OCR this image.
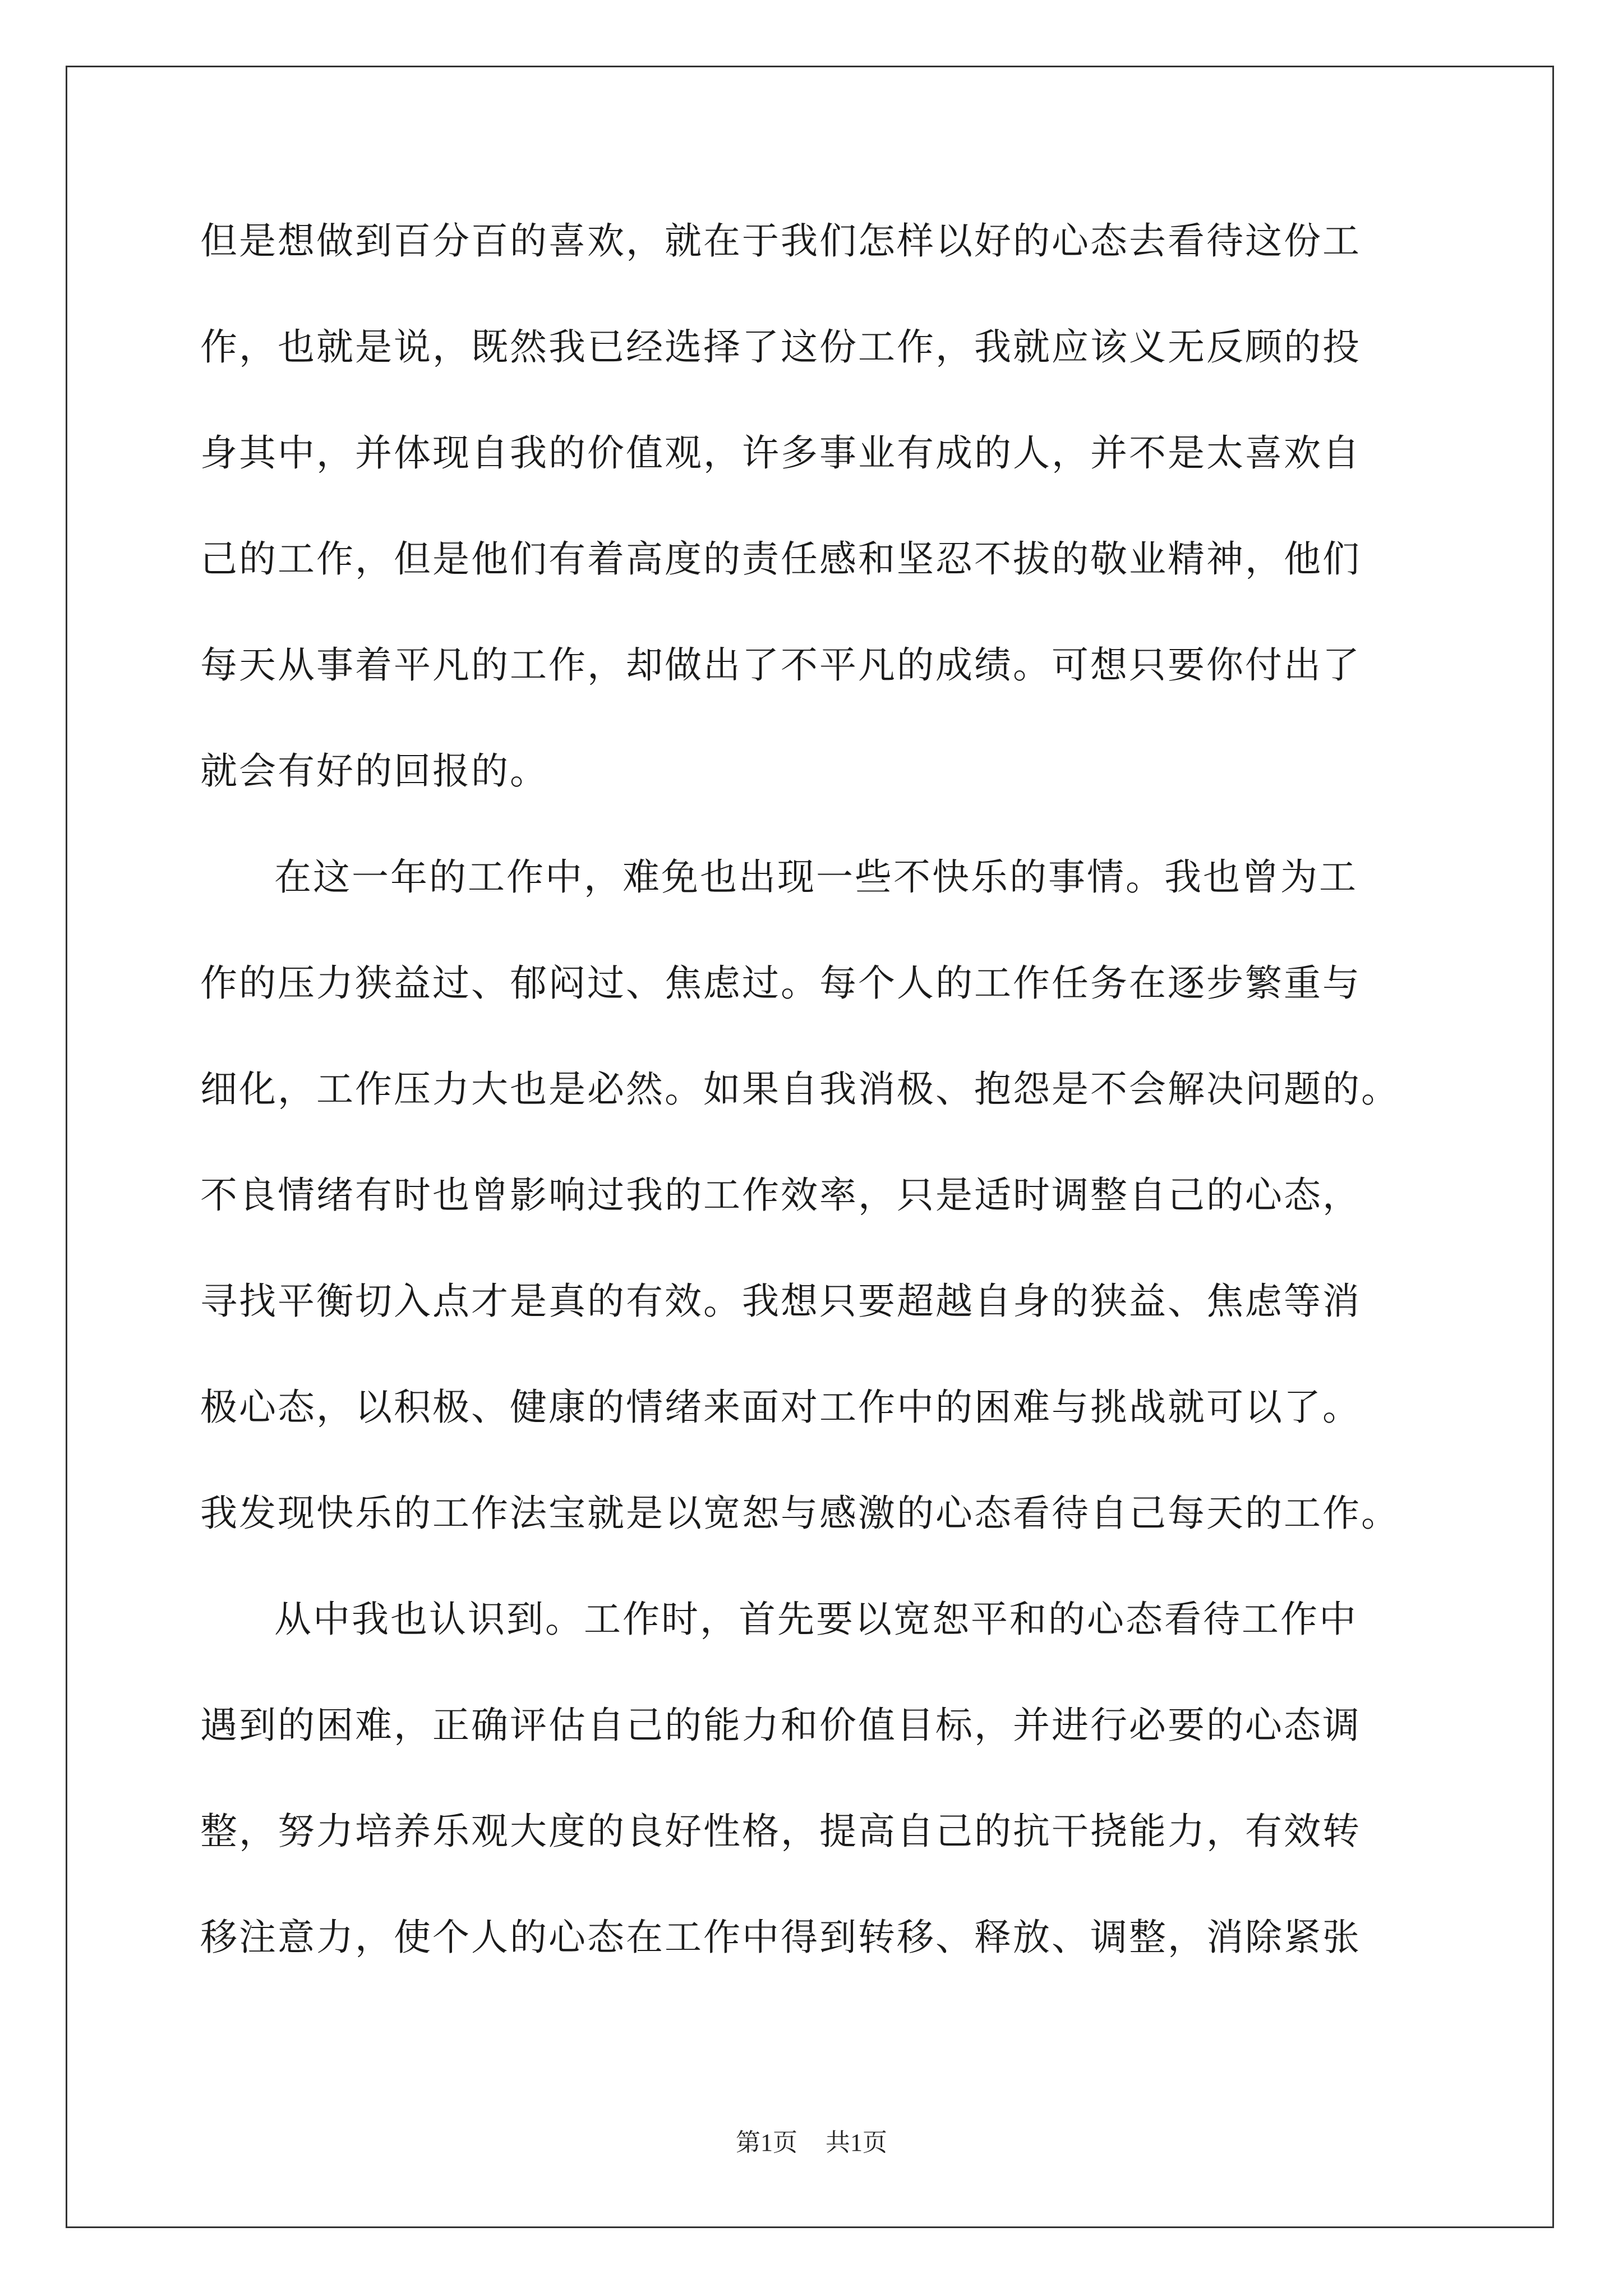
但是想做到百分百的喜欢，就在于我们怎样以好的心态去看待这份工
作，也就是说，既然我已经选择了这份工作，我就应该义无反顾的投
身其中，并体现自我的价值观，许多事业有成的人，并不是太喜欢自
己的工作，但是他们有着高度的责任感和坚忍不拔的敬业精神，他们
每天从事着平凡的工作，却做出了不平凡的成绩。可想只要你付出了
就会有好的回报的。
在这一年的工作中，难免也出现一些不快乐的事情。我也曾为工
作的压力狭益过、郁闷过、焦虑过。每个人的工作任务在逐步繁重与
细化，工作压力大也是必然。如果自我消极、抱怨是不会解决问题的。
不良情绪有时也曾影响过我的工作效率，只是适时调整自己的心态，
寻找平衡切入点才是真的有效。我想只要超越自身的狭益、焦虑等消
极心态，以积极、健康的情绪来面对工作中的困难与挑战就可以了。
我发现快乐的工作法宝就是以宽恕与感激的心态看待自己每天的工作。
从中我也认识到。工作时，首先要以宽恕平和的心态看待工作中
遇到的困难，正确评估自己的能力和价值目标，并进行必要的心态调
整，努力培养乐观大度的良好性格，提高自己的抗干挠能力，有效转
移注意力，使个人的心态在工作中得到转移、释放、调整，消除紧张
第1页 共1页
